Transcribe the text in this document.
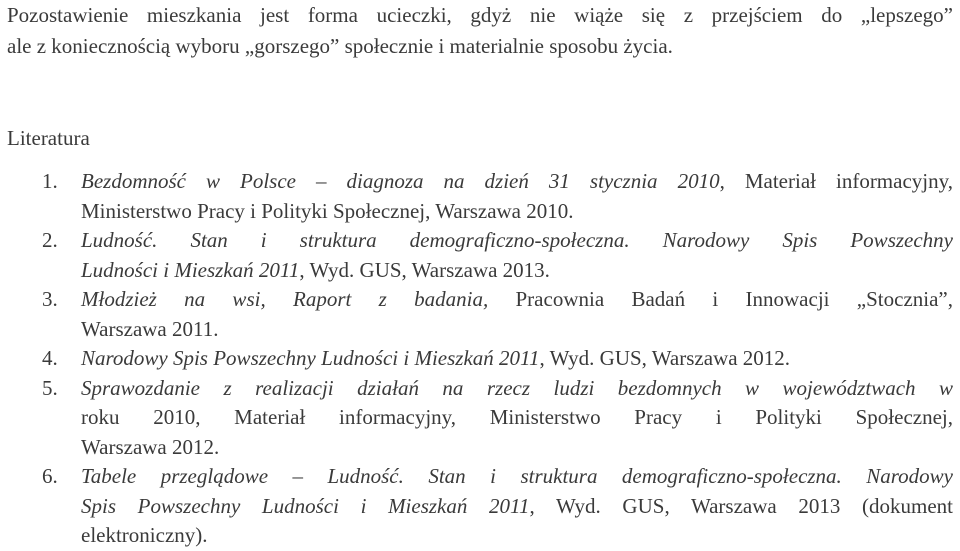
Pozostawienie mieszkania jest forma ucieczki, gdyż nie wiąże się z przejściem do „lepszego”

ale z koniecznością wyboru „gorszego” społecznie i materialnie sposobu życia.

Literatura
1. Bezdomność w Polsce – diagnoza na dzień 31 stycznia 2010, Materiał informacyjny,
Ministerstwo Pracy i Polityki Społecznej, Warszawa 2010.
2. Ludność. Stan i struktura demograficzno-społeczna. Narodowy Spis Powszechny
Ludności i Mieszkań 2011, Wyd. GUS, Warszawa 2013.
3. Młodzież na wsi, Raport z badania, Pracownia Badań i Innowacji „Stocznia”,
Warszawa 2011.
4. Narodowy Spis Powszechny Ludności i Mieszkań 2011, Wyd. GUS, Warszawa 2012.
5. Sprawozdanie z realizacji działań na rzecz ludzi bezdomnych w województwach w
roku 2010, Materiał informacyjny, Ministerstwo Pracy i Polityki Społecznej,
Warszawa 2012.
6. Tabele przeglądowe – Ludność. Stan i struktura demograficzno-społeczna. Narodowy
Spis Powszechny Ludności i Mieszkań 2011, Wyd. GUS, Warszawa 2013 (dokument
elektroniczny).
